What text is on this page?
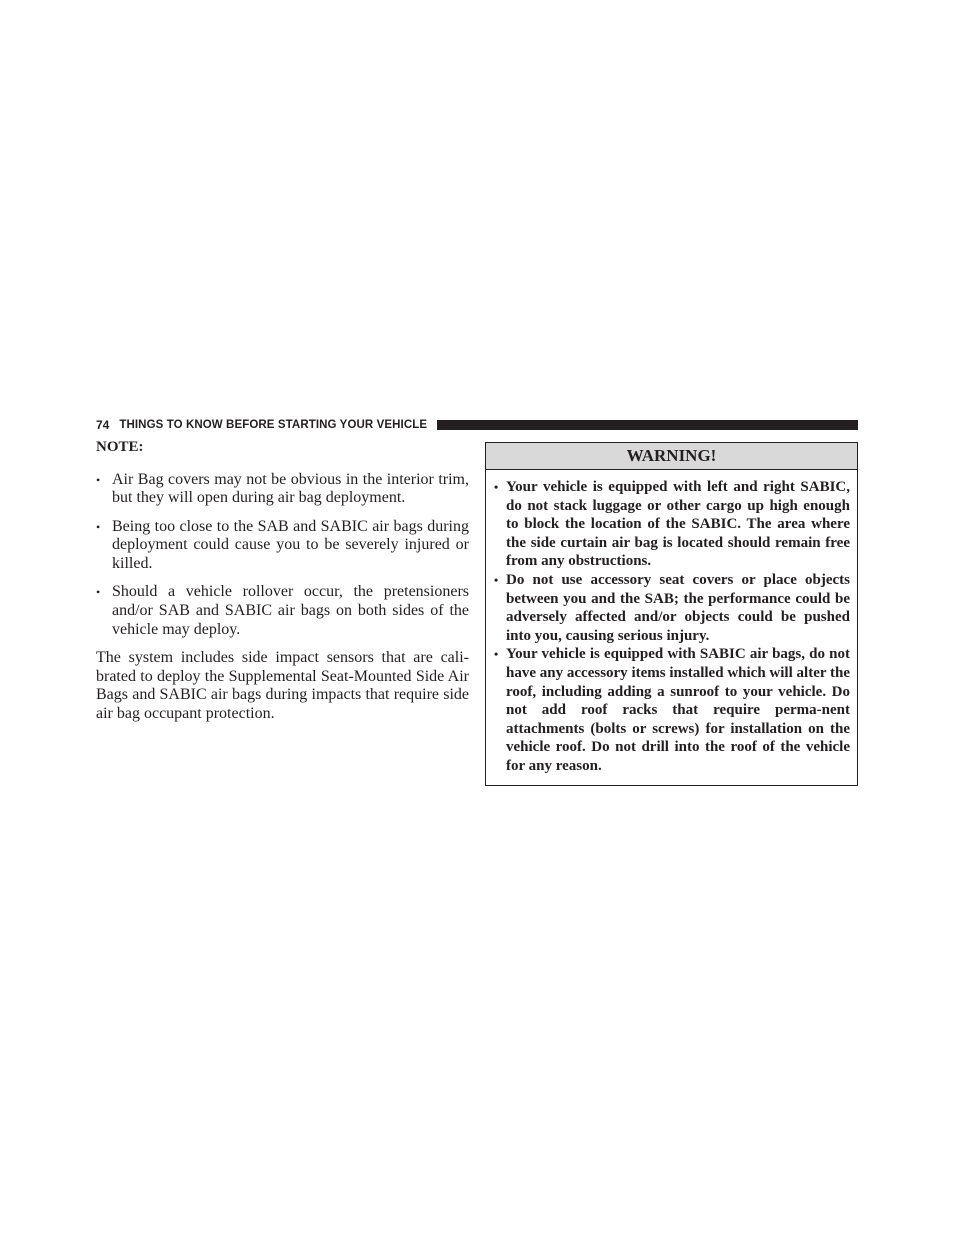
74 THINGS TO KNOW BEFORE STARTING YOUR VEHICLE
NOTE:
• Air Bag covers may not be obvious in the interior trim, but they will open during air bag deployment.
• Being too close to the SAB and SABIC air bags during deployment could cause you to be severely injured or killed.
• Should a vehicle rollover occur, the pretensioners and/or SAB and SABIC air bags on both sides of the vehicle may deploy.

The system includes side impact sensors that are cali-brated to deploy the Supplemental Seat-Mounted Side Air Bags and SABIC air bags during impacts that require side air bag occupant protection.

WARNING!
• Your vehicle is equipped with left and right SABIC, do not stack luggage or other cargo up high enough to block the location of the SABIC. The area where the side curtain air bag is located should remain free from any obstructions.
• Do not use accessory seat covers or place objects between you and the SAB; the performance could be adversely affected and/or objects could be pushed into you, causing serious injury.
• Your vehicle is equipped with SABIC air bags, do not have any accessory items installed which will alter the roof, including adding a sunroof to your vehicle. Do not add roof racks that require perma-nent attachments (bolts or screws) for installation on the vehicle roof. Do not drill into the roof of the vehicle for any reason.
